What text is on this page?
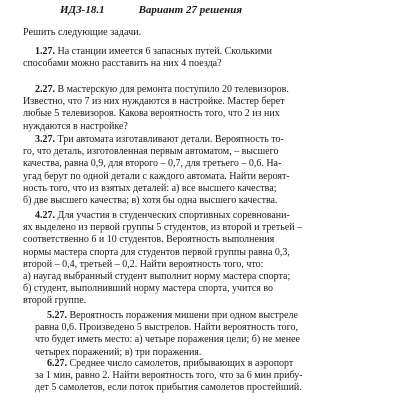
ИДЗ-18.1	Вариант 27 решения
Решить следующие задачи.
1.27. На станции имеется 6 запасных путей. Сколькими
способами можно расставить на них 4 поезда?
2.27. В мастерскую для ремонта поступило 20 телевизоров.
Известно, что 7 из них нуждаются в настройке. Мастер берет
любые 5 телевизоров. Какова вероятность того, что 2 из них
нуждаются в настройке?
3.27. Три автомата изготавливают детали. Вероятность то-
го, что деталь, изготовленная первым автоматом, – высшего
качества, равна 0,9, для второго – 0,7, для третьего – 0,6. На-
угад берут по одной детали с каждого автомата. Найти вероят-
ность того, что из взятых деталей: а) все высшего качества;
б) две высшего качества; в) хотя бы одна высшего качества.
4.27. Для участия в студенческих спортивных соревновани-
ях выделено из первой группы 5 студентов, из второй и третьей –
соответственно 6 и 10 студентов. Вероятность выполнения
нормы мастера спорта для студентов первой группы равна 0,3,
второй – 0,4, третьей – 0,2. Найти вероятность того, что:
а) наугад выбранный студент выполнит норму мастера спорта;
б) студент, выполнивший норму мастера спорта, учится во
второй группе.
5.27. Вероятность поражения мишени при одном выстреле
равна 0,6. Произведено 5 выстрелов. Найти вероятность того,
что будет иметь место: а) четыре поражения цели; б) не менее
четырех поражений; в) три поражения.
6.27. Среднее число самолетов, прибывающих в аэропорт
за 1 мин, равно 2. Найти вероятность того, что за 6 мин прибу-
дет 5 самолетов, если поток прибытия самолетов простейший.
